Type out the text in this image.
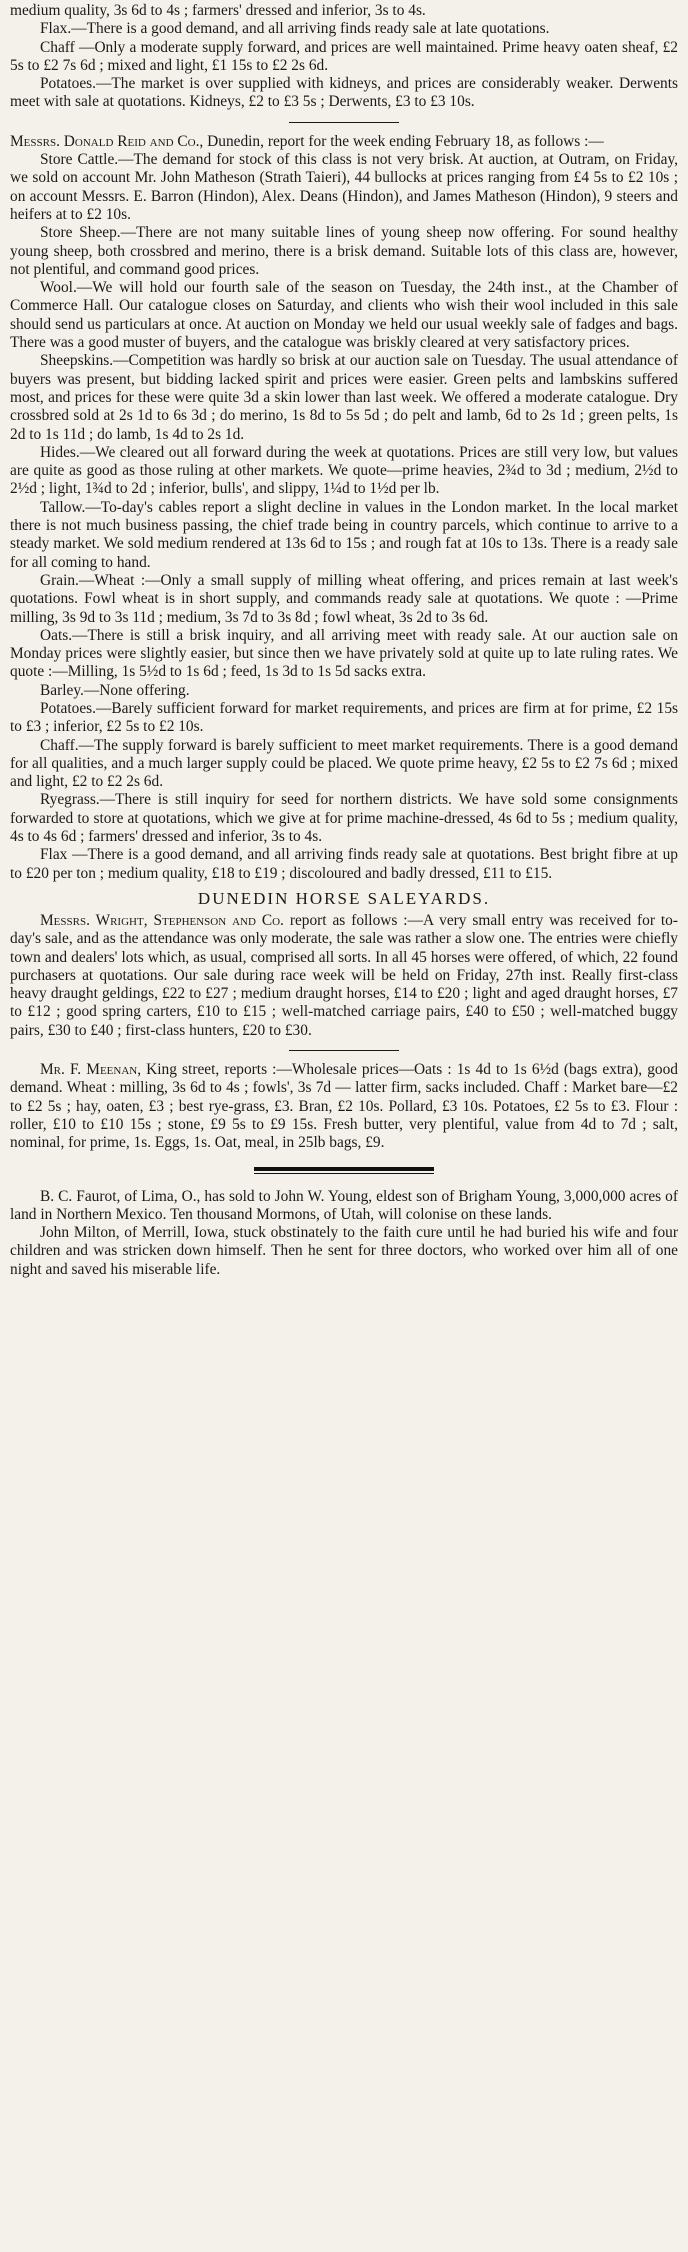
medium quality, 3s 6d to 4s ; farmers' dressed and inferior, 3s to 4s.

Flax.—There is a good demand, and all arriving finds ready sale at late quotations.

Chaff —Only a moderate supply forward, and prices are well maintained. Prime heavy oaten sheaf, £2 5s to £2 7s 6d ; mixed and light, £1 15s to £2 2s 6d.

Potatoes.—The market is over supplied with kidneys, and prices are considerably weaker. Derwents meet with sale at quotations. Kidneys, £2 to £3 5s ; Derwents, £3 to £3 10s.

Messrs. Donald Reid and Co., Dunedin, report for the week ending February 18, as follows :—

Store Cattle.—The demand for stock of this class is not very brisk. At auction, at Outram, on Friday, we sold on account Mr. John Matheson (Strath Taieri), 44 bullocks at prices ranging from £4 5s to £2 10s ; on account Messrs. E. Barron (Hindon), Alex. Deans (Hindon), and James Matheson (Hindon), 9 steers and heifers at to £2 10s.

Store Sheep.—There are not many suitable lines of young sheep now offering. For sound healthy young sheep, both crossbred and merino, there is a brisk demand. Suitable lots of this class are, however, not plentiful, and command good prices.

Wool.—We will hold our fourth sale of the season on Tuesday, the 24th inst., at the Chamber of Commerce Hall. Our catalogue closes on Saturday, and clients who wish their wool included in this sale should send us particulars at once. At auction on Monday we held our usual weekly sale of fadges and bags. There was a good muster of buyers, and the catalogue was briskly cleared at very satisfactory prices.

Sheepskins.—Competition was hardly so brisk at our auction sale on Tuesday. The usual attendance of buyers was present, but bidding lacked spirit and prices were easier. Green pelts and lambskins suffered most, and prices for these were quite 3d a skin lower than last week. We offered a moderate catalogue. Dry crossbred sold at 2s 1d to 6s 3d ; do merino, 1s 8d to 5s 5d ; do pelt and lamb, 6d to 2s 1d ; green pelts, 1s 2d to 1s 11d ; do lamb, 1s 4d to 2s 1d.

Hides.—We cleared out all forward during the week at quotations. Prices are still very low, but values are quite as good as those ruling at other markets. We quote—prime heavies, 2¾d to 3d ; medium, 2½d to 2½d ; light, 1¾d to 2d ; inferior, bulls', and slippy, 1¼d to 1½d per lb.

Tallow.—To-day's cables report a slight decline in values in the London market. In the local market there is not much business passing, the chief trade being in country parcels, which continue to arrive to a steady market. We sold medium rendered at 13s 6d to 15s ; and rough fat at 10s to 13s. There is a ready sale for all coming to hand.

Grain.—Wheat :—Only a small supply of milling wheat offering, and prices remain at last week's quotations. Fowl wheat is in short supply, and commands ready sale at quotations. We quote : —Prime milling, 3s 9d to 3s 11d ; medium, 3s 7d to 3s 8d ; fowl wheat, 3s 2d to 3s 6d.

Oats.—There is still a brisk inquiry, and all arriving meet with ready sale. At our auction sale on Monday prices were slightly easier, but since then we have privately sold at quite up to late ruling rates. We quote :—Milling, 1s 5½d to 1s 6d ; feed, 1s 3d to 1s 5d sacks extra.

Barley.—None offering.

Potatoes.—Barely sufficient forward for market requirements, and prices are firm at for prime, £2 15s to £3 ; inferior, £2 5s to £2 10s.

Chaff.—The supply forward is barely sufficient to meet market requirements. There is a good demand for all qualities, and a much larger supply could be placed. We quote prime heavy, £2 5s to £2 7s 6d ; mixed and light, £2 to £2 2s 6d.

Ryegrass.—There is still inquiry for seed for northern districts. We have sold some consignments forwarded to store at quotations, which we give at for prime machine-dressed, 4s 6d to 5s ; medium quality, 4s to 4s 6d ; farmers' dressed and inferior, 3s to 4s.

Flax —There is a good demand, and all arriving finds ready sale at quotations. Best bright fibre at up to £20 per ton ; medium quality, £18 to £19 ; discoloured and badly dressed, £11 to £15.

DUNEDIN HORSE SALEYARDS.

Messrs. Wright, Stephenson and Co. report as follows :—A very small entry was received for to-day's sale, and as the attendance was only moderate, the sale was rather a slow one. The entries were chiefly town and dealers' lots which, as usual, comprised all sorts. In all 45 horses were offered, of which, 22 found purchasers at quotations. Our sale during race week will be held on Friday, 27th inst. Really first-class heavy draught geldings, £22 to £27 ; medium draught horses, £14 to £20 ; light and aged draught horses, £7 to £12 ; good spring carters, £10 to £15 ; well-matched carriage pairs, £40 to £50 ; well-matched buggy pairs, £30 to £40 ; first-class hunters, £20 to £30.

Mr. F. Meenan, King street, reports :—Wholesale prices—Oats : 1s 4d to 1s 6½d (bags extra), good demand. Wheat : milling, 3s 6d to 4s ; fowls', 3s 7d — latter firm, sacks included. Chaff : Market bare—£2 to £2 5s ; hay, oaten, £3 ; best rye-grass, £3. Bran, £2 10s. Pollard, £3 10s. Potatoes, £2 5s to £3. Flour : roller, £10 to £10 15s ; stone, £9 5s to £9 15s. Fresh butter, very plentiful, value from 4d to 7d ; salt, nominal, for prime, 1s. Eggs, 1s. Oat, meal, in 25lb bags, £9.

B. C. Faurot, of Lima, O., has sold to John W. Young, eldest son of Brigham Young, 3,000,000 acres of land in Northern Mexico. Ten thousand Mormons, of Utah, will colonise on these lands.

John Milton, of Merrill, Iowa, stuck obstinately to the faith cure until he had buried his wife and four children and was stricken down himself. Then he sent for three doctors, who worked over him all of one night and saved his miserable life.
